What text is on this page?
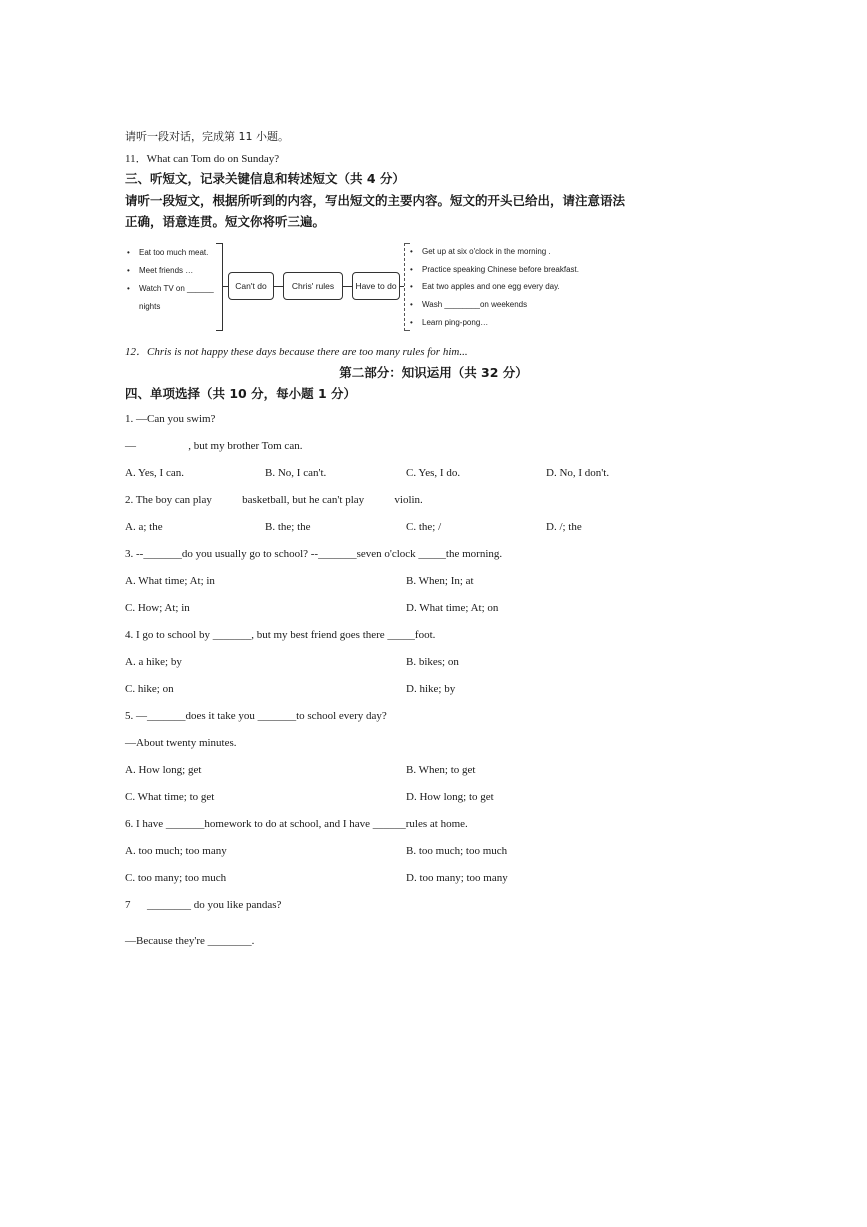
请听一段对话，完成第 11 小题。
11．What can Tom do on Sunday?
三、听短文，记录关键信息和转述短文（共 4 分）
请听一段短文，根据所听到的内容，写出短文的主要内容。短文的开头已给出，请注意语法
正确，语意连贯。短文你将听三遍。
• Eat too much meat.
• Meet friends …
• Watch TV on ______
nights
Can't do	Chris' rules	Have to do
• Get up at six o'clock in the morning .
• Practice speaking Chinese before breakfast.
• Eat two apples and one egg every day.
• Wash ________on weekends
• Learn ping-pong…
12．Chris is not happy these days because there are too many rules for him...
第二部分：知识运用（共 32 分）
四、单项选择（共 10 分，每小题 1 分）
1. —Can you swim?
—                   , but my brother Tom can.
A. Yes, I can.	B. No, I can't.	C. Yes, I do.	D. No, I don't.
2. The boy can play           basketball, but he can't play           violin.
A. a; the	B. the; the	C. the; /	D. /; the
3. --_______do you usually go to school? --_______seven o'clock _____the morning.
A. What time; At; in	B. When; In; at
C. How; At; in	D. What time; At; on
4. I go to school by _______, but my best friend goes there _____foot.
A. a hike; by	B. bikes; on
C. hike; on	D. hike; by
5. —_______does it take you _______to school every day?
—About twenty minutes.
A. How long; get	B. When; to get
C. What time; to get	D. How long; to get
6. I have _______homework to do at school, and I have ______rules at home.
A. too much; too many	B. too much; too much
C. too many; too much	D. too many; too many
7      ________ do you like pandas?
—Because they're ________.
